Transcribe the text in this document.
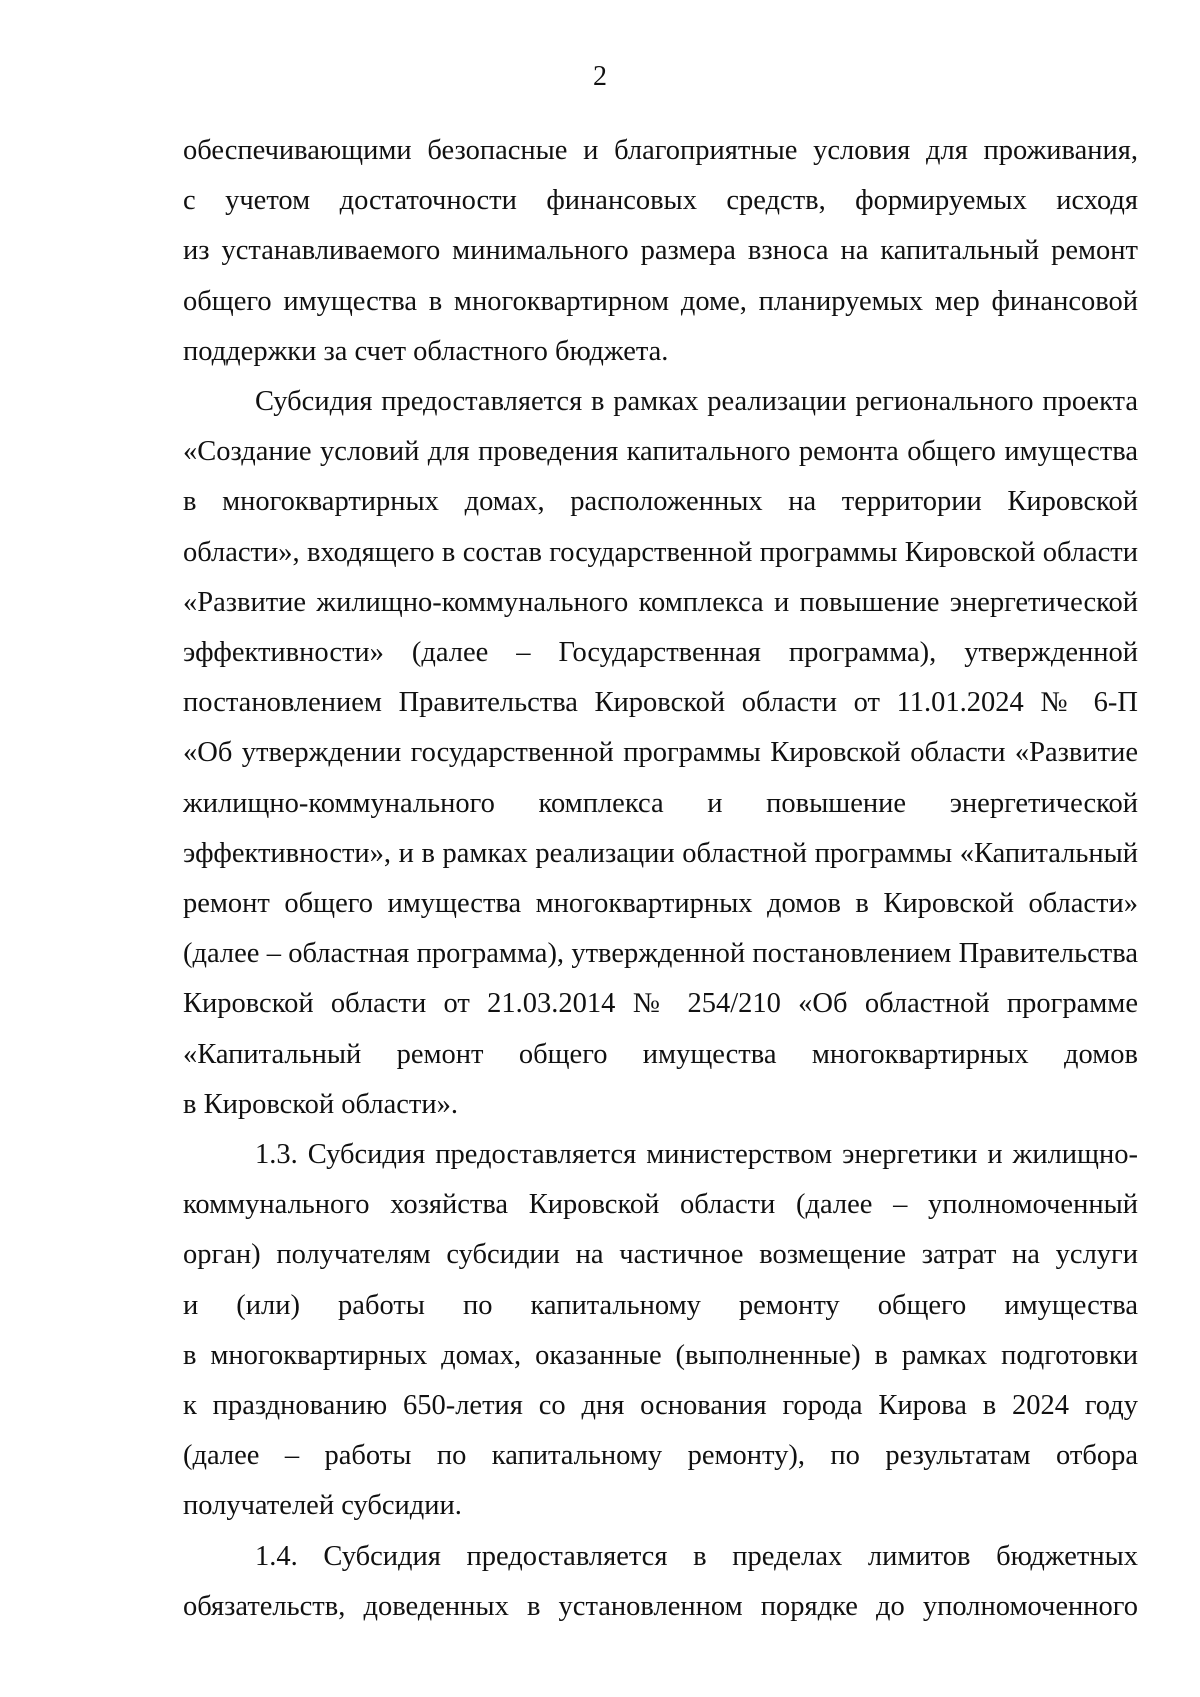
2
обеспечивающими безопасные и благоприятные условия для проживания,
с учетом достаточности финансовых средств, формируемых исходя
из устанавливаемого минимального размера взноса на капитальный ремонт
общего имущества в многоквартирном доме, планируемых мер финансовой
поддержки за счет областного бюджета.
Субсидия предоставляется в рамках реализации регионального проекта
«Создание условий для проведения капитального ремонта общего имущества
в многоквартирных домах, расположенных на территории Кировской
области», входящего в состав государственной программы Кировской области
«Развитие жилищно-коммунального комплекса и повышение энергетической
эффективности» (далее – Государственная программа), утвержденной
постановлением Правительства Кировской области от 11.01.2024 № 6-П
«Об утверждении государственной программы Кировской области «Развитие
жилищно-коммунального комплекса и повышение энергетической
эффективности», и в рамках реализации областной программы «Капитальный
ремонт общего имущества многоквартирных домов в Кировской области»
(далее – областная программа), утвержденной постановлением Правительства
Кировской области от 21.03.2014 № 254/210 «Об областной программе
«Капитальный ремонт общего имущества многоквартирных домов
в Кировской области».
1.3. Субсидия предоставляется министерством энергетики и жилищно-
коммунального хозяйства Кировской области (далее – уполномоченный
орган) получателям субсидии на частичное возмещение затрат на услуги
и (или) работы по капитальному ремонту общего имущества
в многоквартирных домах, оказанные (выполненные) в рамках подготовки
к празднованию 650-летия со дня основания города Кирова в 2024 году
(далее – работы по капитальному ремонту), по результатам отбора
получателей субсидии.
1.4. Субсидия предоставляется в пределах лимитов бюджетных
обязательств, доведенных в установленном порядке до уполномоченного
